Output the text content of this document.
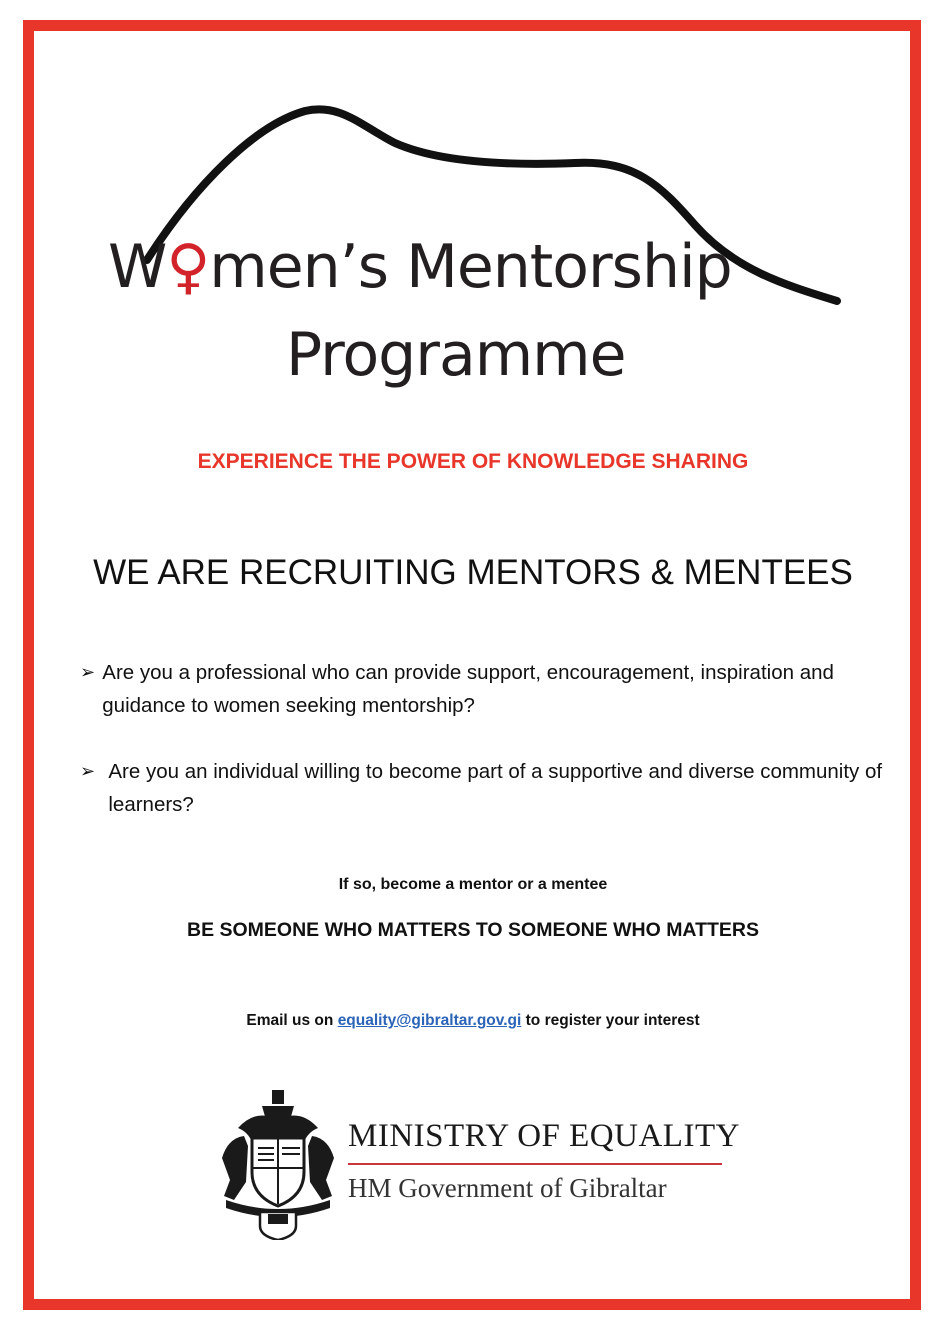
W♀men’s Mentorship
Programme
EXPERIENCE THE POWER OF KNOWLEDGE SHARING
WE ARE RECRUITING MENTORS & MENTEES
➢ Are you a professional who can provide support, encouragement, inspiration and guidance to women seeking mentorship?
➢ Are you an individual willing to become part of a supportive and diverse community of learners?
If so, become a mentor or a mentee
BE SOMEONE WHO MATTERS TO SOMEONE WHO MATTERS
Email us on equality@gibraltar.gov.gi to register your interest
MINISTRY OF EQUALITY
HM Government of Gibraltar
